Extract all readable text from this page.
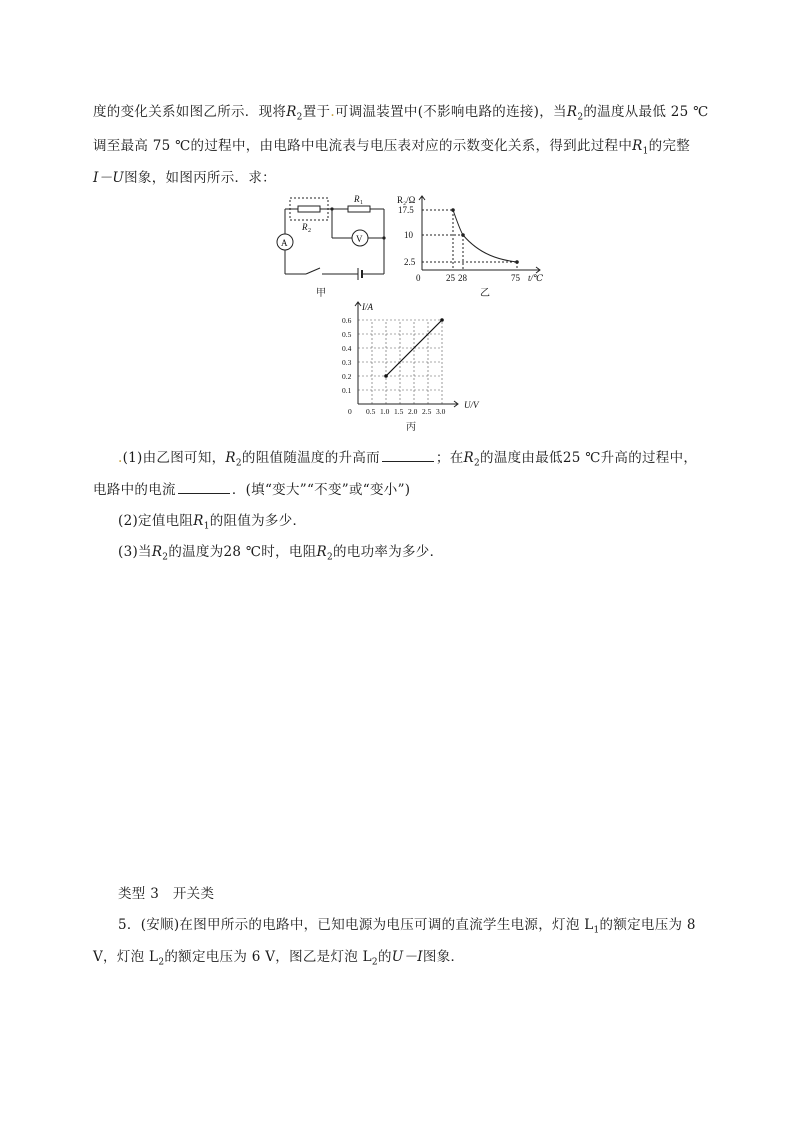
度的变化关系如图乙所示．现将$R_2$置于.可调温装置中(不影响电路的连接)，当$R_2$的温度从最低 25 ℃
调至最高 75 ℃的过程中，由电路中电流表与电压表对应的示数变化关系，得到此过程中$R_1$的完整
I－U图象，如图丙所示．求：
A	V
R 1
R 2
甲
R₂/Ω
17.5
10
2.5
0	25 28	75 t/℃
乙
0 0.5 1.0 1.5 2.0 2.5 3.0
0.1
0.2
0.3
0.4
0.5
0.6
I/A
U/V
丙
.(1)由乙图可知，$R_2$的阻值随温度的升高而	；在$R_2$的温度由最低25 ℃升高的过程中，
电路中的电流	．(填“变大”“不变”或“变小”)
(2)定值电阻$R_1$的阻值为多少．
(3)当$R_2$的温度为28 ℃时，电阻$R_2$的电功率为多少．
类型 3　开关类
5．(安顺)在图甲所示的电路中，已知电源为电压可调的直流学生电源，灯泡 $L_1$的额定电压为 8
V，灯泡 $L_2$的额定电压为 6 V，图乙是灯泡 $L_2$的U－I图象．
